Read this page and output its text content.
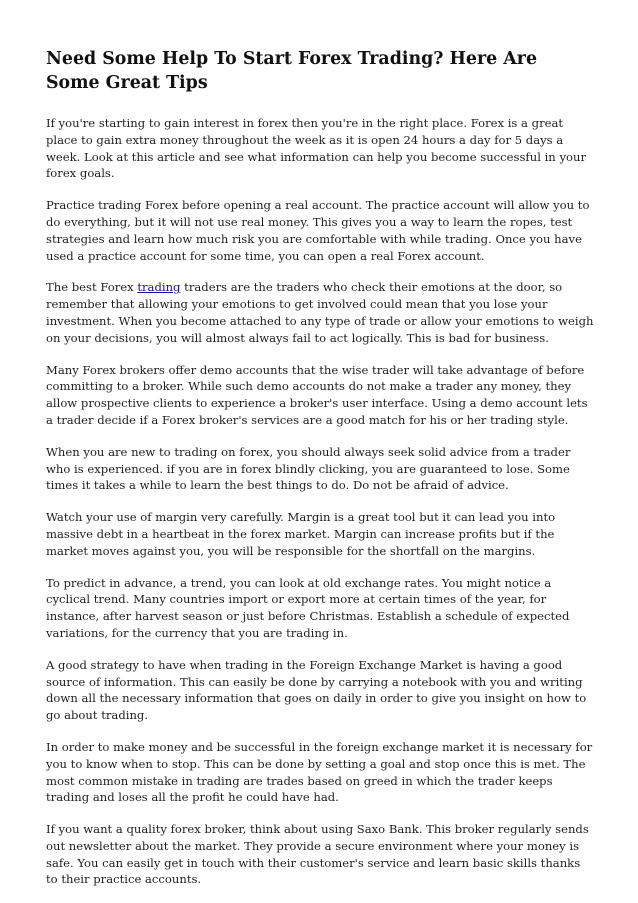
Need Some Help To Start Forex Trading? Here Are Some Great Tips

If you're starting to gain interest in forex then you're in the right place. Forex is a great place to gain extra money throughout the week as it is open 24 hours a day for 5 days a week. Look at this article and see what information can help you become successful in your forex goals.

Practice trading Forex before opening a real account. The practice account will allow you to do everything, but it will not use real money. This gives you a way to learn the ropes, test strategies and learn how much risk you are comfortable with while trading. Once you have used a practice account for some time, you can open a real Forex account.

The best Forex trading traders are the traders who check their emotions at the door, so remember that allowing your emotions to get involved could mean that you lose your investment. When you become attached to any type of trade or allow your emotions to weigh on your decisions, you will almost always fail to act logically. This is bad for business.

Many Forex brokers offer demo accounts that the wise trader will take advantage of before committing to a broker. While such demo accounts do not make a trader any money, they allow prospective clients to experience a broker's user interface. Using a demo account lets a trader decide if a Forex broker's services are a good match for his or her trading style.

When you are new to trading on forex, you should always seek solid advice from a trader who is experienced. if you are in forex blindly clicking, you are guaranteed to lose. Some times it takes a while to learn the best things to do. Do not be afraid of advice.

Watch your use of margin very carefully. Margin is a great tool but it can lead you into massive debt in a heartbeat in the forex market. Margin can increase profits but if the market moves against you, you will be responsible for the shortfall on the margins.

To predict in advance, a trend, you can look at old exchange rates. You might notice a cyclical trend. Many countries import or export more at certain times of the year, for instance, after harvest season or just before Christmas. Establish a schedule of expected variations, for the currency that you are trading in.

A good strategy to have when trading in the Foreign Exchange Market is having a good source of information. This can easily be done by carrying a notebook with you and writing down all the necessary information that goes on daily in order to give you insight on how to go about trading.

In order to make money and be successful in the foreign exchange market it is necessary for you to know when to stop. This can be done by setting a goal and stop once this is met. The most common mistake in trading are trades based on greed in which the trader keeps trading and loses all the profit he could have had.

If you want a quality forex broker, think about using Saxo Bank. This broker regularly sends out newsletter about the market. They provide a secure environment where your money is safe. You can easily get in touch with their customer's service and learn basic skills thanks to their practice accounts.
